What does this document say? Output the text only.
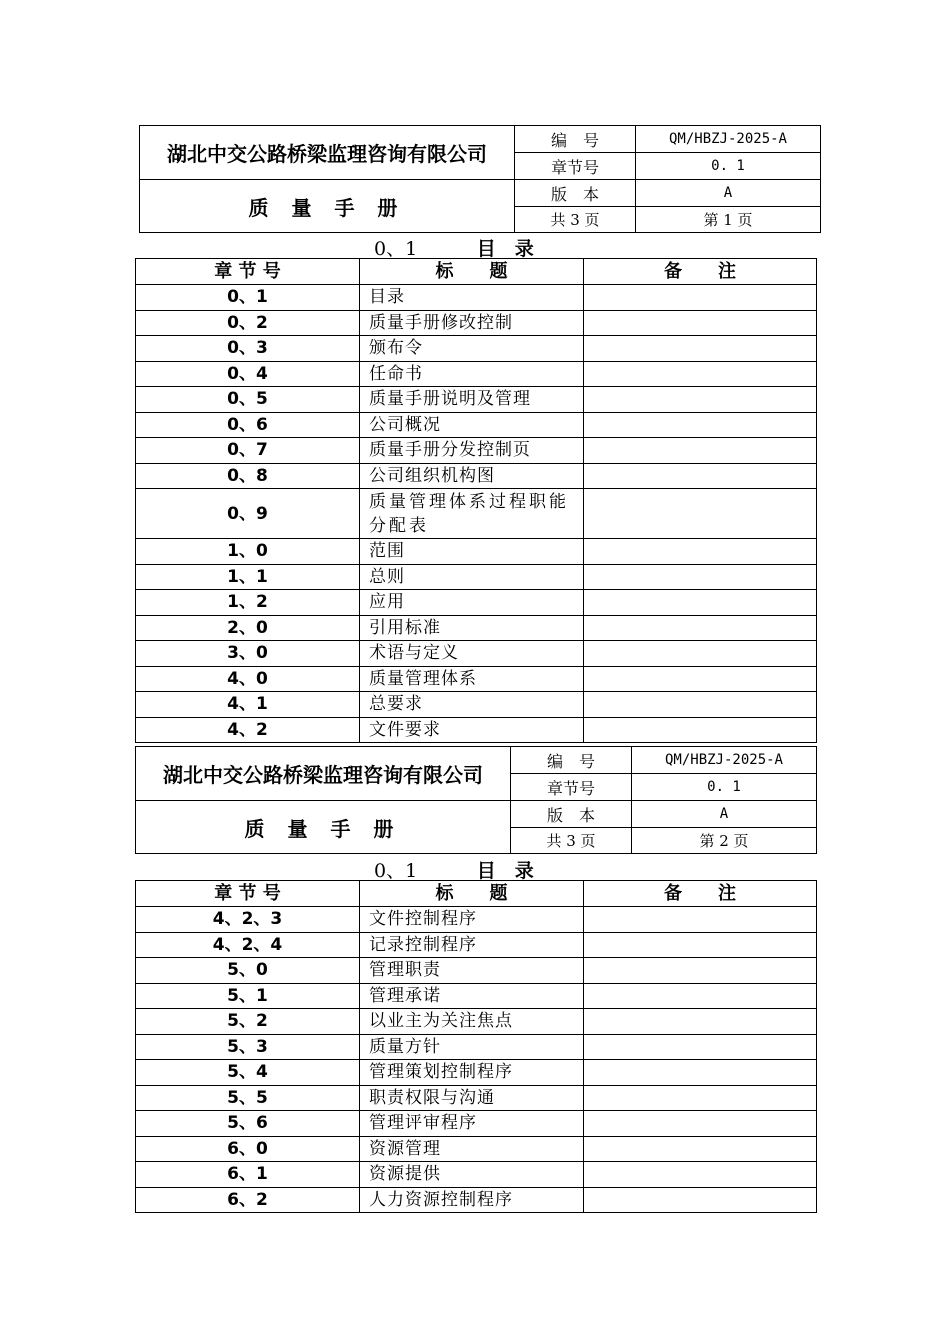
湖北中交公路桥梁监理咨询有限公司	编　号	QM/HBZJ-2025-A
	章节号	0. 1
质 量 手 册	版　本	A
	共 3 页	第 1 页
0、1	目　录
章 节 号	标　　题	备　　注
0、1	目录	
0、2	质量手册修改控制	
0、3	颁布令	
0、4	任命书	
0、5	质量手册说明及管理	
0、6	公司概况	
0、7	质量手册分发控制页	
0、8	公司组织机构图	
0、9	质量管理体系过程职能分配表	
1、0	范围	
1、1	总则	
1、2	应用	
2、0	引用标准	
3、0	术语与定义	
4、0	质量管理体系	
4、1	总要求	
4、2	文件要求	
湖北中交公路桥梁监理咨询有限公司	编　号	QM/HBZJ-2025-A
	章节号	0. 1
质 量 手 册	版　本	A
	共 3 页	第 2 页
0、1	目　录
章 节 号	标　　题	备　　注
4、2、3	文件控制程序	
4、2、4	记录控制程序	
5、0	管理职责	
5、1	管理承诺	
5、2	以业主为关注焦点	
5、3	质量方针	
5、4	管理策划控制程序	
5、5	职责权限与沟通	
5、6	管理评审程序	
6、0	资源管理	
6、1	资源提供	
6、2	人力资源控制程序	
